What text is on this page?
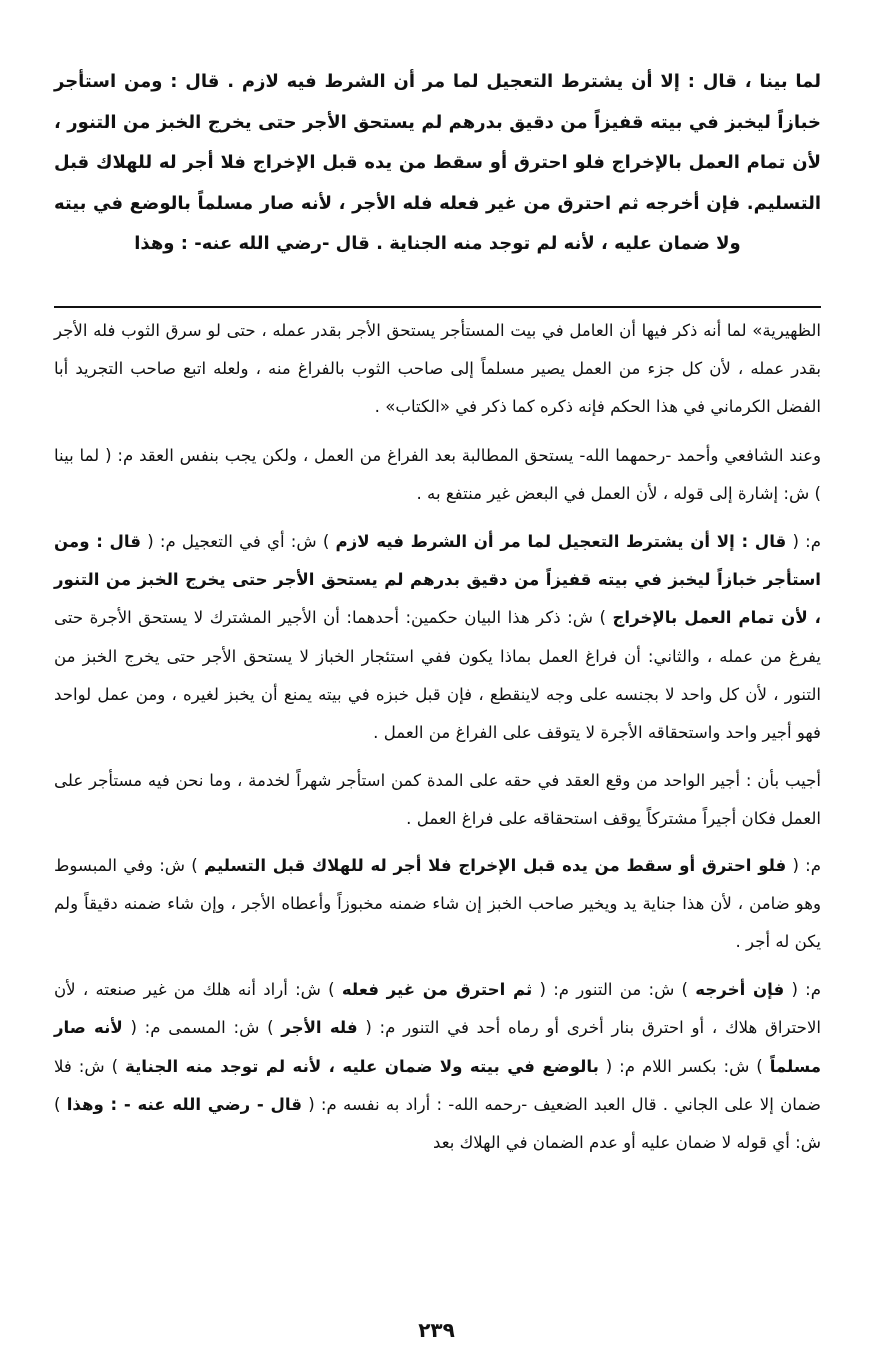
لما بينا ، قال : إلا أن يشترط التعجيل لما مر أن الشرط فيه لازم . قال : ومن استأجر خبازاً ليخبز في بيته قفيزاً من دقيق بدرهم لم يستحق الأجر حتى يخرج الخبز من التنور ، لأن تمام العمل بالإخراج فلو احترق أو سقط من يده قبل الإخراج فلا أجر له للهلاك قبل التسليم. فإن أخرجه ثم احترق من غير فعله فله الأجر ، لأنه صار مسلماً بالوضع في بيته ولا ضمان عليه ، لأنه لم توجد منه الجناية . قال -رضي الله عنه- : وهذا

الظهيرية» لما أنه ذكر فيها أن العامل في بيت المستأجر يستحق الأجر بقدر عمله ، حتى لو سرق الثوب فله الأجر بقدر عمله ، لأن كل جزء من العمل يصير مسلماً إلى صاحب الثوب بالفراغ منه ، ولعله اتبع صاحب التجريد أبا الفضل الكرماني في هذا الحكم فإنه ذكره كما ذكر في «الكتاب» .

وعند الشافعي وأحمد -رحمهما الله- يستحق المطالبة بعد الفراغ من العمل ، ولكن يجب بنفس العقد م: ( لما بينا ) ش: إشارة إلى قوله ، لأن العمل في البعض غير منتفع به .

م: ( قال : إلا أن يشترط التعجيل لما مر أن الشرط فيه لازم ) ش: أي في التعجيل م: ( قال : ومن استأجر خبازاً ليخبز في بيته قفيزاً من دقيق بدرهم لم يستحق الأجر حتى يخرج الخبز من التنور ، لأن تمام العمل بالإخراج ) ش: ذكر هذا البيان حكمين: أحدهما: أن الأجير المشترك لا يستحق الأجرة حتى يفرغ من عمله ، والثاني: أن فراغ العمل بماذا يكون ففي استئجار الخباز لا يستحق الأجر حتى يخرج الخبز من التنور ، لأن كل واحد لا بجنسه على وجه لاينقطع ، فإن قبل خبزه في بيته يمنع أن يخبز لغيره ، ومن عمل لواحد فهو أجير واحد واستحقاقه الأجرة لا يتوقف على الفراغ من العمل .

أجيب بأن : أجير الواحد من وقع العقد في حقه على المدة كمن استأجر شهراً لخدمة ، وما نحن فيه مستأجر على العمل فكان أجيراً مشتركاً يوقف استحقاقه على فراغ العمل .

م: ( فلو احترق أو سقط من يده قبل الإخراج فلا أجر له للهلاك قبل التسليم ) ش: وفي المبسوط وهو ضامن ، لأن هذا جناية يد ويخير صاحب الخبز إن شاء ضمنه مخبوزاً وأعطاه الأجر ، وإن شاء ضمنه دقيقاً ولم يكن له أجر .

م: ( فإن أخرجه ) ش: من التنور م: ( ثم احترق من غير فعله ) ش: أراد أنه هلك من غير صنعته ، لأن الاحتراق هلاك ، أو احترق بنار أخرى أو رماه أحد في التنور م: ( فله الأجر ) ش: المسمى م: ( لأنه صار مسلماً ) ش: بكسر اللام م: ( بالوضع في بيته ولا ضمان عليه ، لأنه لم توجد منه الجناية ) ش: فلا ضمان إلا على الجاني . قال العبد الضعيف -رحمه الله- : أراد به نفسه م: ( قال - رضي الله عنه - : وهذا ) ش: أي قوله لا ضمان عليه أو عدم الضمان في الهلاك بعد

٢٣٩
